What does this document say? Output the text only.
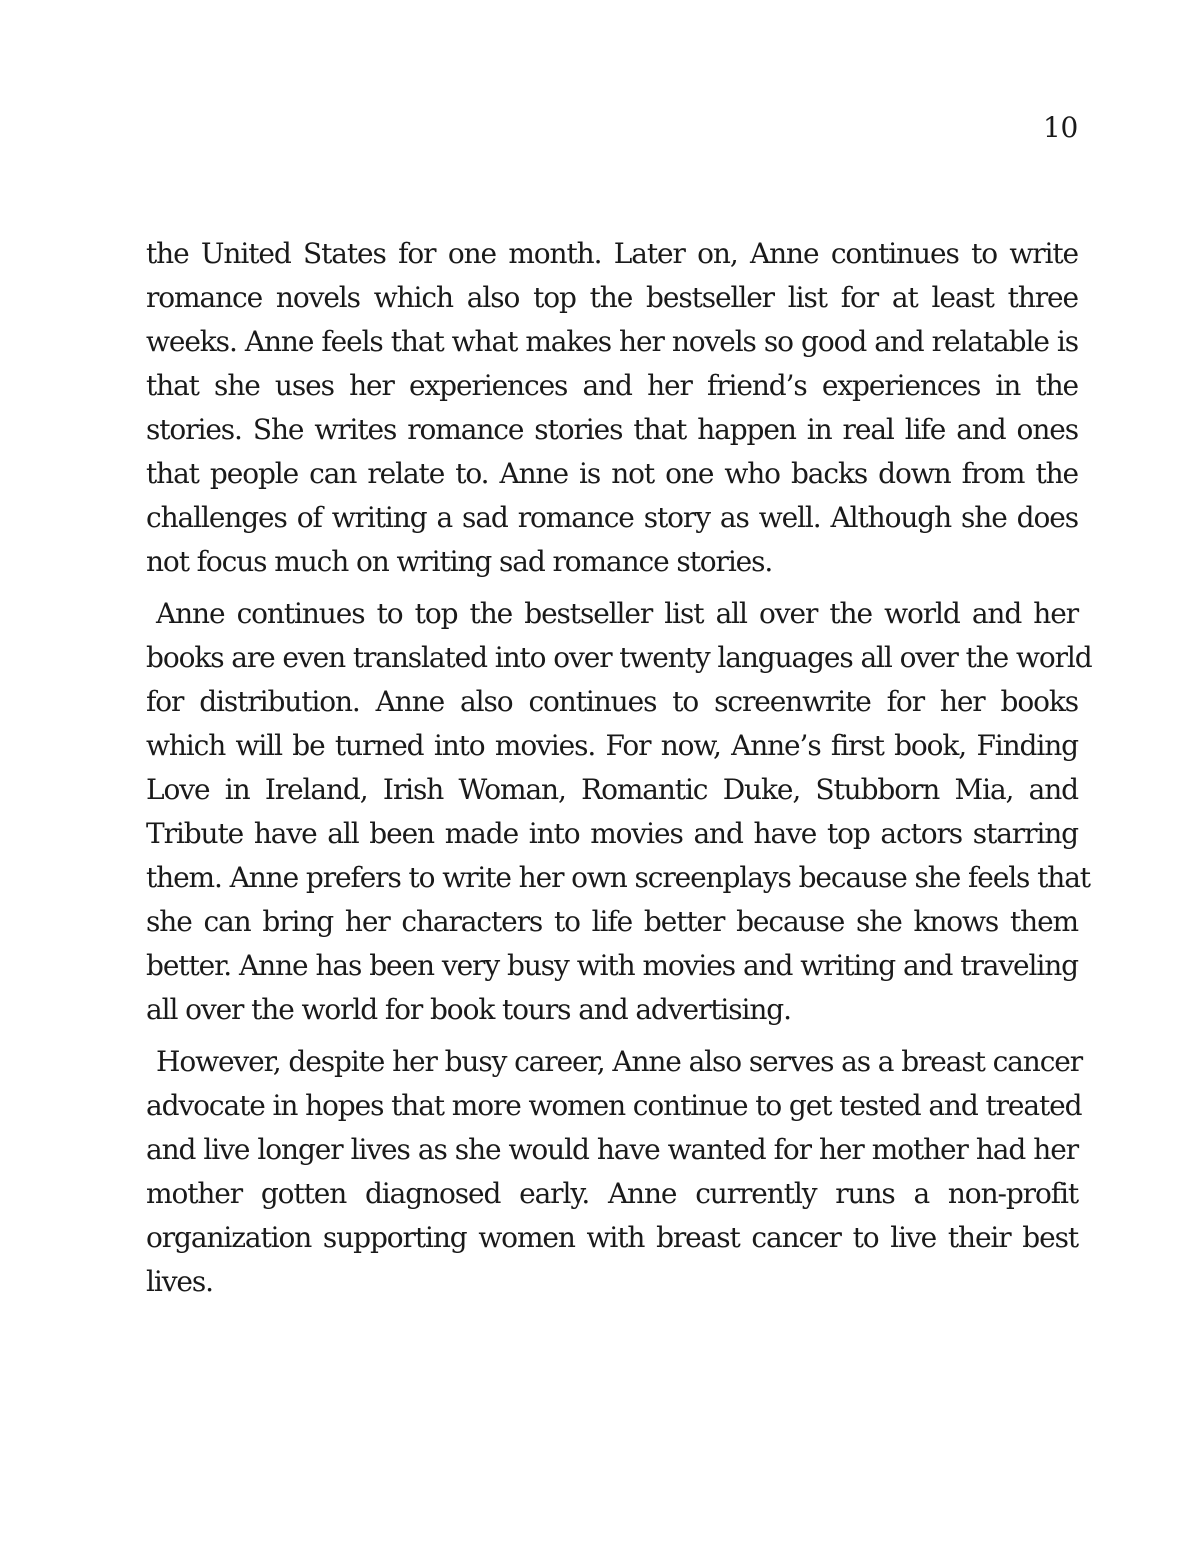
10

the United States for one month. Later on, Anne continues to write
romance novels which also top the bestseller list for at least three
weeks. Anne feels that what makes her novels so good and relatable is
that she uses her experiences and her friend’s experiences in the
stories. She writes romance stories that happen in real life and ones
that people can relate to. Anne is not one who backs down from the
challenges of writing a sad romance story as well. Although she does
not focus much on writing sad romance stories.

Anne continues to top the bestseller list all over the world and her
books are even translated into over twenty languages all over the world
for distribution. Anne also continues to screenwrite for her books
which will be turned into movies. For now, Anne’s first book, Finding
Love in Ireland, Irish Woman, Romantic Duke, Stubborn Mia, and
Tribute have all been made into movies and have top actors starring
them. Anne prefers to write her own screenplays because she feels that
she can bring her characters to life better because she knows them
better. Anne has been very busy with movies and writing and traveling
all over the world for book tours and advertising.

However, despite her busy career, Anne also serves as a breast cancer
advocate in hopes that more women continue to get tested and treated
and live longer lives as she would have wanted for her mother had her
mother gotten diagnosed early. Anne currently runs a non-profit
organization supporting women with breast cancer to live their best
lives.
